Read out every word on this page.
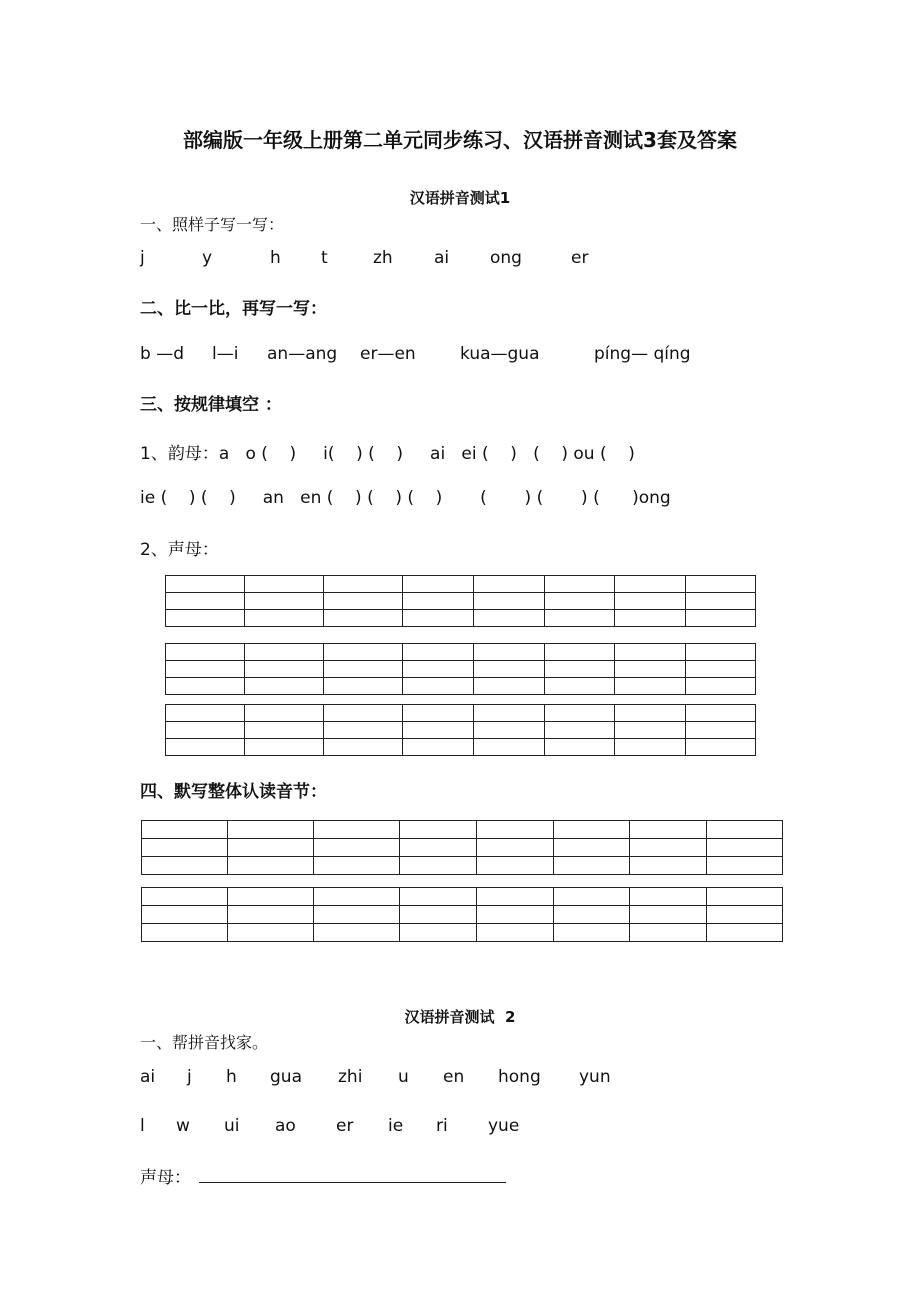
部编版一年级上册第二单元同步练习、汉语拼音测试3套及答案
汉语拼音测试1
一、照样子写一写：
j	y	h t	zh ai ong	er
二、比一比，再写一写：
b —d l—i an—ang er—en	kua—gua	píng— qíng
三、按规律填空 ：
1、韵母：a   o (    )     i(    ) (    )     ai   ei (    )   (    ) ou (    )
ie (    ) (    )     an   en (    ) (    ) (    )       (       ) (       ) (      )ong
2、声母：

四、默写整体认读音节：

汉语拼音测试  2
一、帮拼音找家。
ai j h gua zhi u en hong yun
l w ui ao er ie ri yue
声母：
